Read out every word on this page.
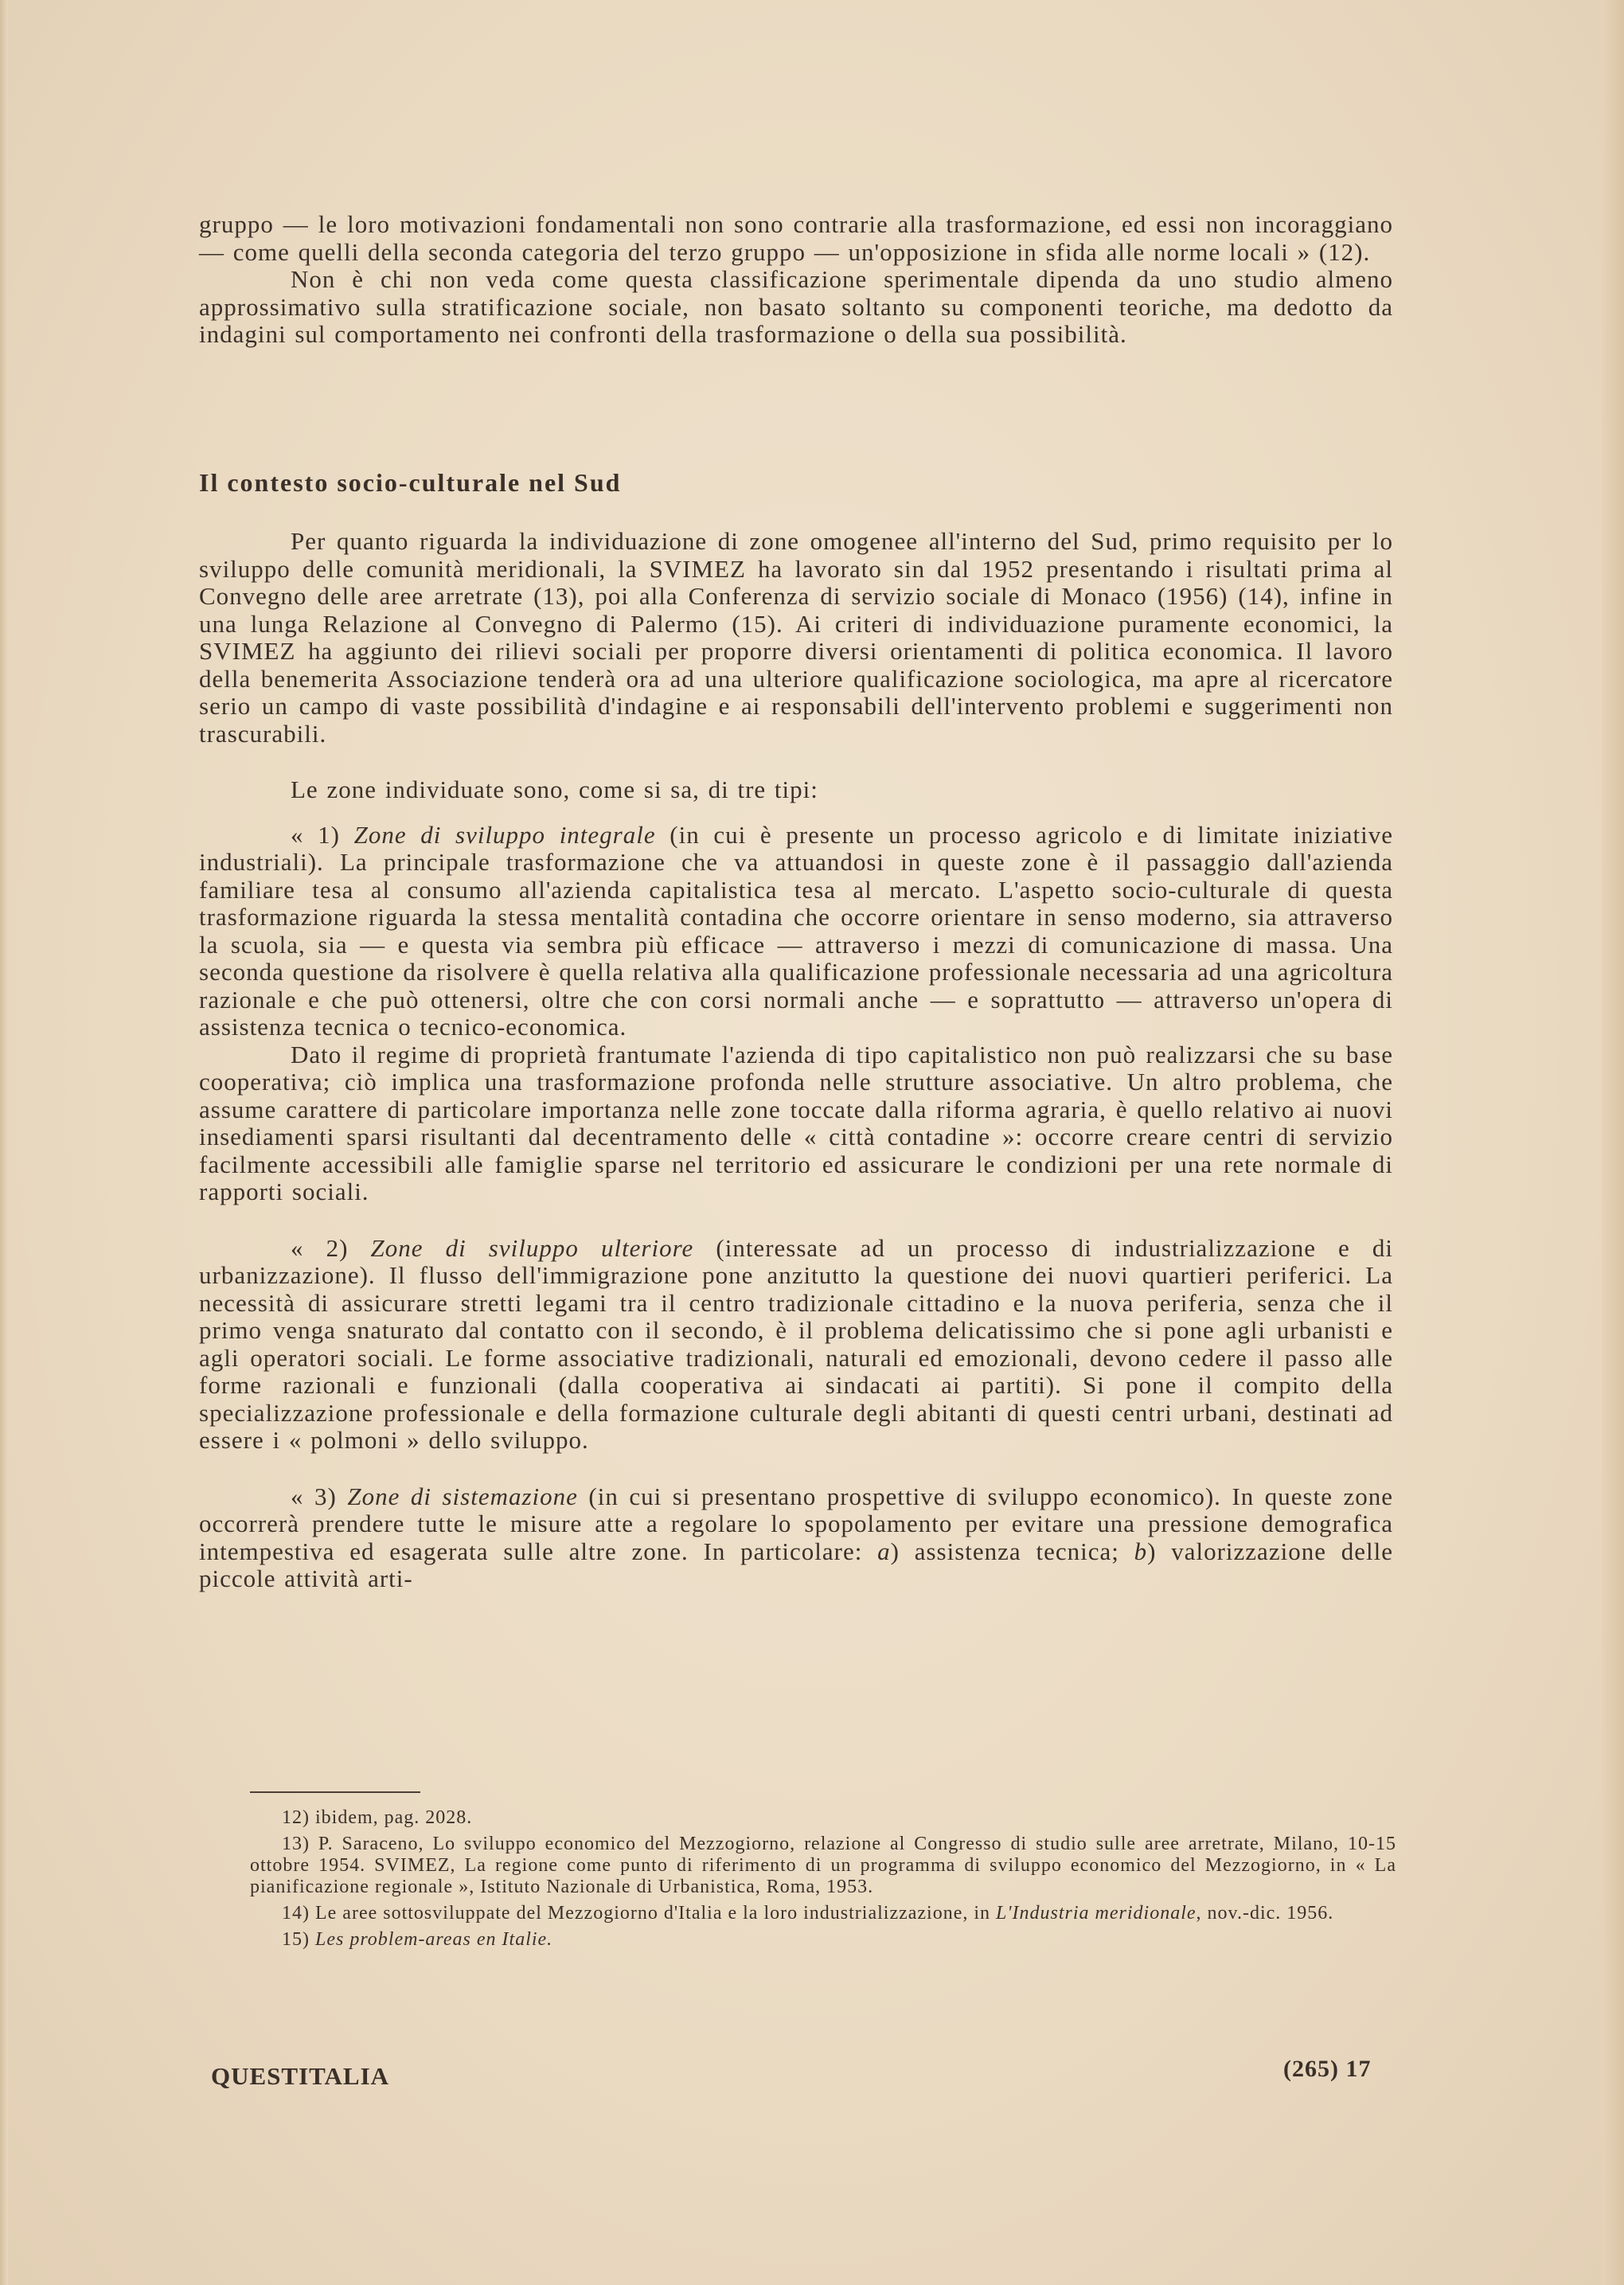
gruppo — le loro motivazioni fondamentali non sono contrarie alla trasformazione, ed essi non incoraggiano — come quelli della seconda categoria del terzo gruppo — un'opposizione in sfida alle norme locali » (12).

Non è chi non veda come questa classificazione sperimentale dipenda da uno studio almeno approssimativo sulla stratificazione sociale, non basato soltanto su componenti teoriche, ma dedotto da indagini sul comportamento nei confronti della trasformazione o della sua possibilità.

Il contesto socio-culturale nel Sud

Per quanto riguarda la individuazione di zone omogenee all'interno del Sud, primo requisito per lo sviluppo delle comunità meridionali, la SVIMEZ ha lavorato sin dal 1952 presentando i risultati prima al Convegno delle aree arretrate (13), poi alla Conferenza di servizio sociale di Monaco (1956) (14), infine in una lunga Relazione al Convegno di Palermo (15). Ai criteri di individuazione puramente economici, la SVIMEZ ha aggiunto dei rilievi sociali per proporre diversi orientamenti di politica economica. Il lavoro della benemerita Associazione tenderà ora ad una ulteriore qualificazione sociologica, ma apre al ricercatore serio un campo di vaste possibilità d'indagine e ai responsabili dell'intervento problemi e suggerimenti non trascurabili.

Le zone individuate sono, come si sa, di tre tipi:

« 1) Zone di sviluppo integrale (in cui è presente un processo agricolo e di limitate iniziative industriali). La principale trasformazione che va attuandosi in queste zone è il passaggio dall'azienda familiare tesa al consumo all'azienda capitalistica tesa al mercato. L'aspetto socio-culturale di questa trasformazione riguarda la stessa mentalità contadina che occorre orientare in senso moderno, sia attraverso la scuola, sia — e questa via sembra più efficace — attraverso i mezzi di comunicazione di massa. Una seconda questione da risolvere è quella relativa alla qualificazione professionale necessaria ad una agricoltura razionale e che può ottenersi, oltre che con corsi normali anche — e soprattutto — attraverso un'opera di assistenza tecnica o tecnico-economica.

Dato il regime di proprietà frantumate l'azienda di tipo capitalistico non può realizzarsi che su base cooperativa; ciò implica una trasformazione profonda nelle strutture associative. Un altro problema, che assume carattere di particolare importanza nelle zone toccate dalla riforma agraria, è quello relativo ai nuovi insediamenti sparsi risultanti dal decentramento delle « città contadine »: occorre creare centri di servizio facilmente accessibili alle famiglie sparse nel territorio ed assicurare le condizioni per una rete normale di rapporti sociali.

« 2) Zone di sviluppo ulteriore (interessate ad un processo di industrializzazione e di urbanizzazione). Il flusso dell'immigrazione pone anzitutto la questione dei nuovi quartieri periferici. La necessità di assicurare stretti legami tra il centro tradizionale cittadino e la nuova periferia, senza che il primo venga snaturato dal contatto con il secondo, è il problema delicatissimo che si pone agli urbanisti e agli operatori sociali. Le forme associative tradizionali, naturali ed emozionali, devono cedere il passo alle forme razionali e funzionali (dalla cooperativa ai sindacati ai partiti). Si pone il compito della specializzazione professionale e della formazione culturale degli abitanti di questi centri urbani, destinati ad essere i « polmoni » dello sviluppo.

« 3) Zone di sistemazione (in cui si presentano prospettive di sviluppo economico). In queste zone occorrerà prendere tutte le misure atte a regolare lo spopolamento per evitare una pressione demografica intempestiva ed esagerata sulle altre zone. In particolare: a) assistenza tecnica; b) valorizzazione delle piccole attività arti-

12) ibidem, pag. 2028.

13) P. Saraceno, Lo sviluppo economico del Mezzogiorno, relazione al Congresso di studio sulle aree arretrate, Milano, 10-15 ottobre 1954. SVIMEZ, La regione come punto di riferimento di un programma di sviluppo economico del Mezzogiorno, in « La pianificazione regionale », Istituto Nazionale di Urbanistica, Roma, 1953.

14) Le aree sottosviluppate del Mezzogiorno d'Italia e la loro industrializzazione, in L'Industria meridionale, nov.-dic. 1956.

15) Les problem-areas en Italie.

QUESTITALIA	(265) 17
